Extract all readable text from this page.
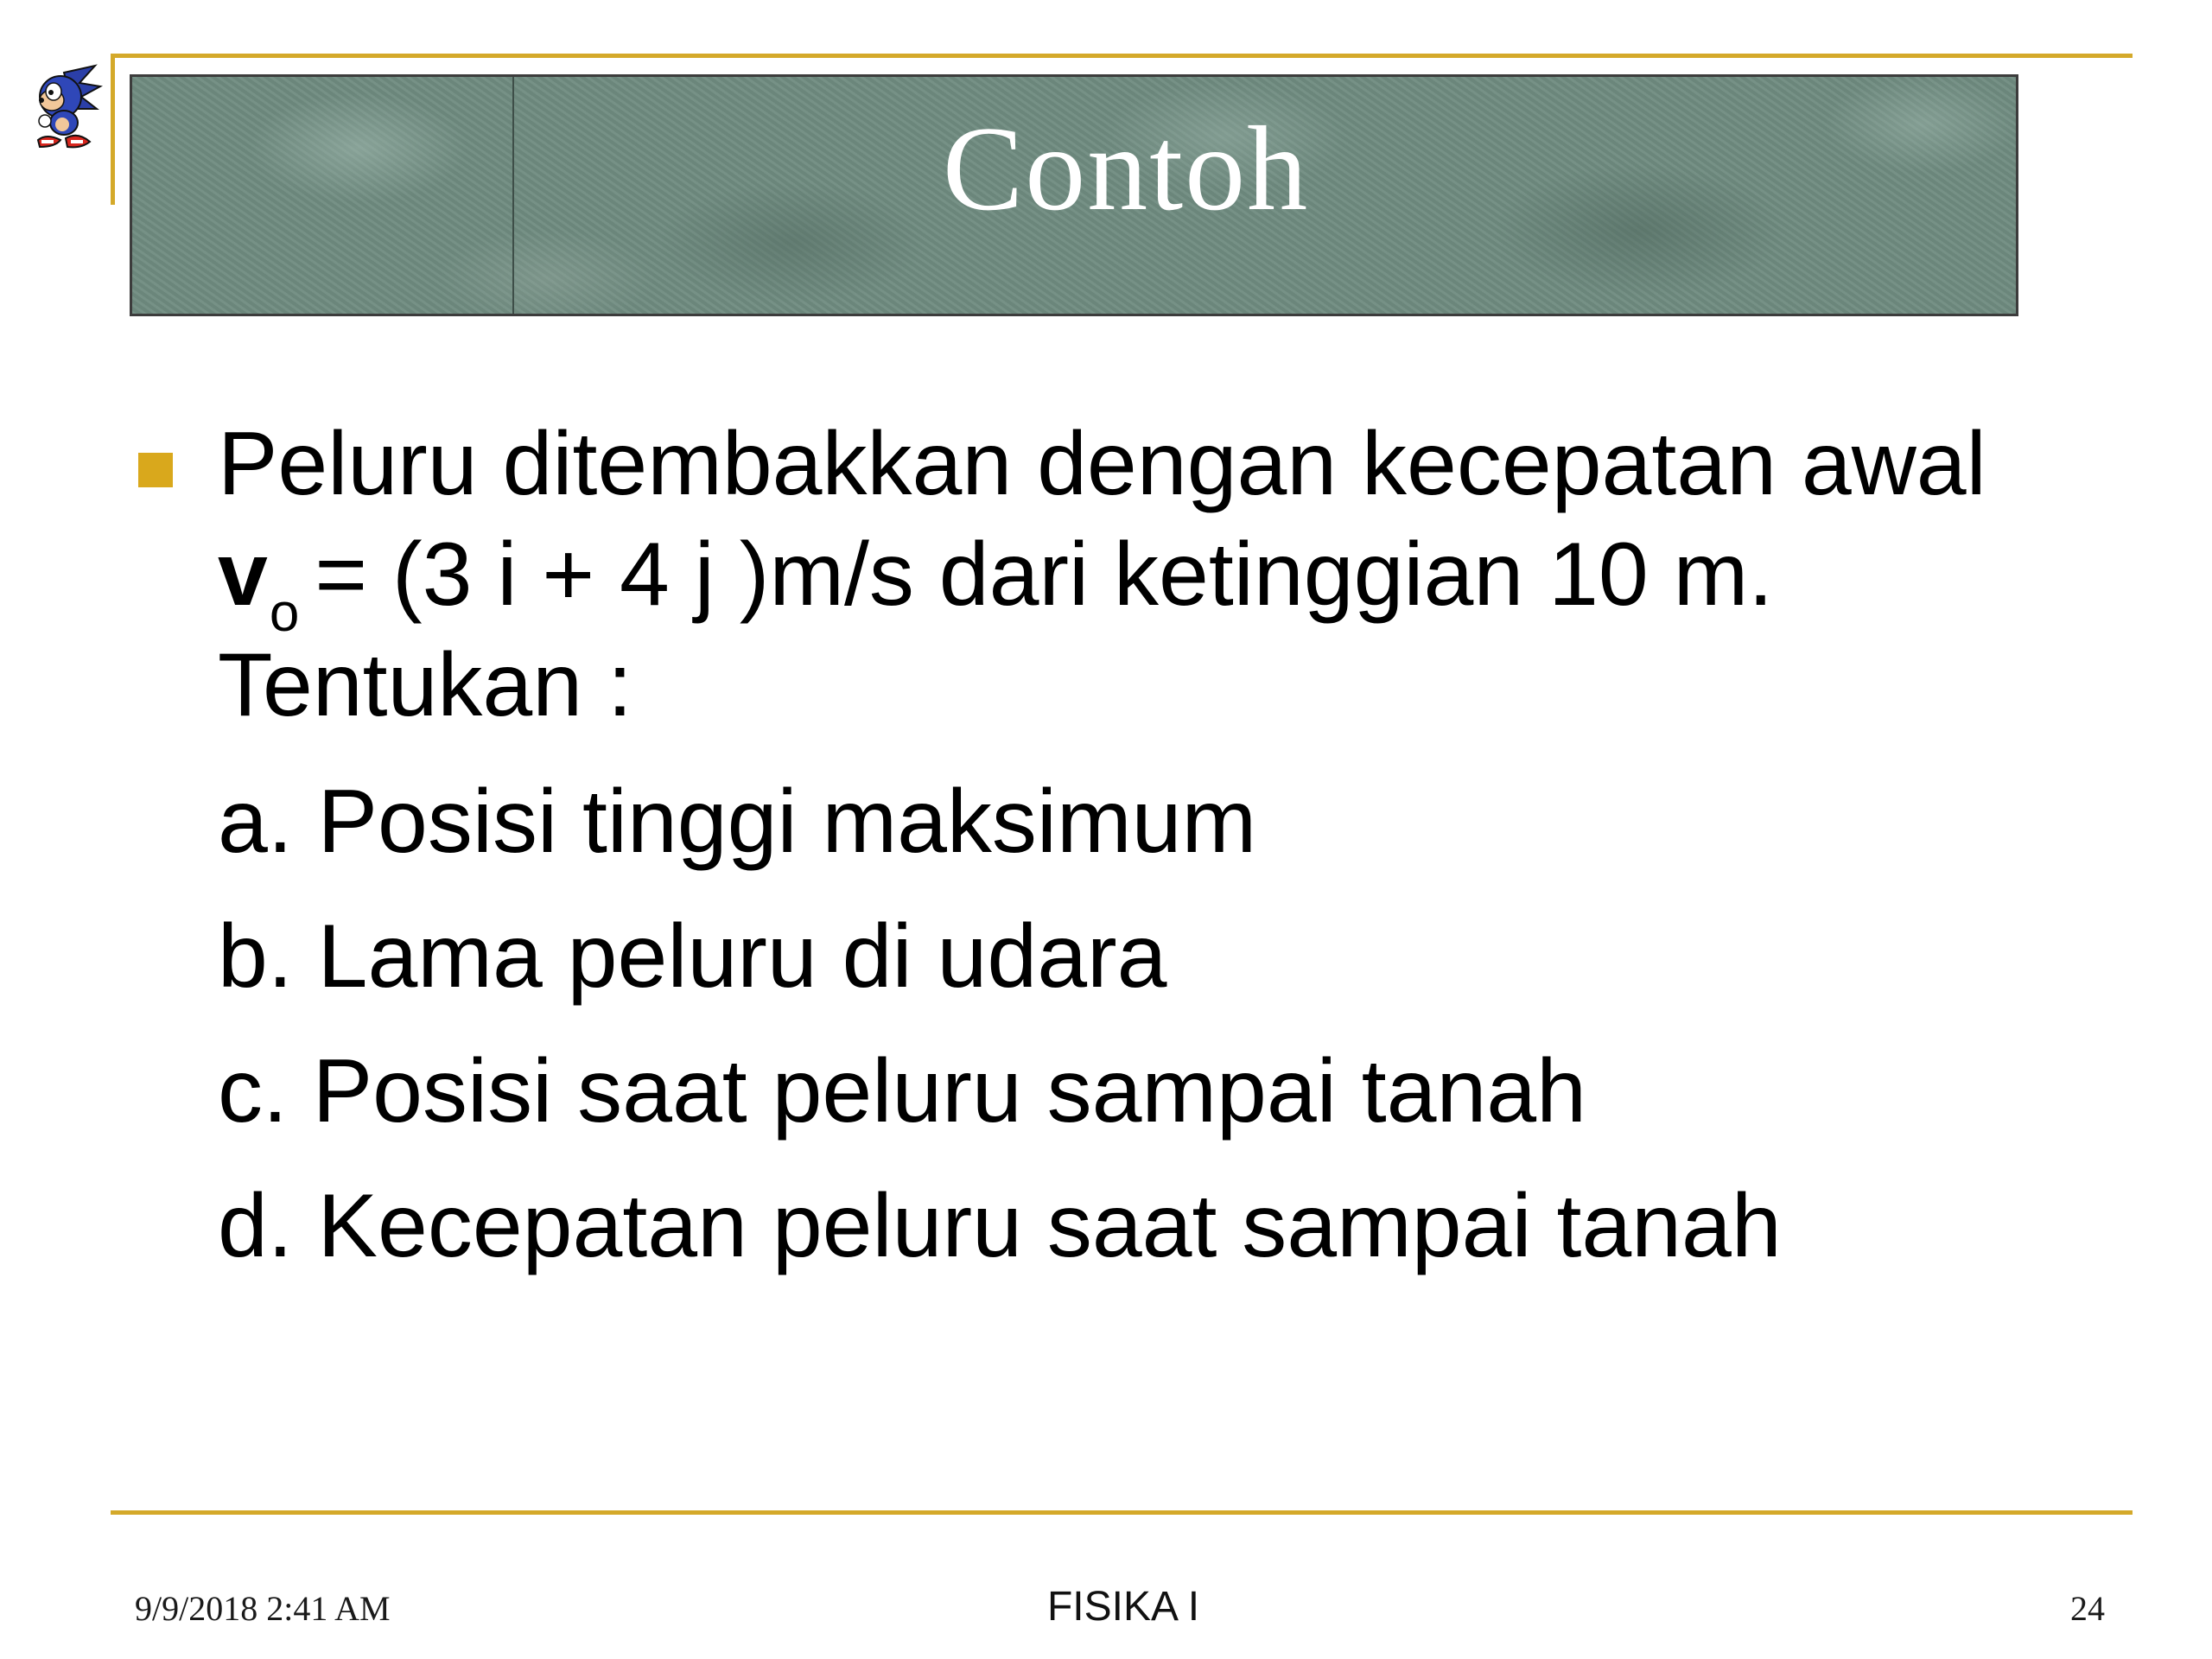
Contoh
Peluru ditembakkan dengan kecepatan awal
$v_o = (3$ i + 4 j )m/s dari ketinggian 10 m.
Tentukan :
a. Posisi tinggi maksimum
b. Lama peluru di udara
c. Posisi saat peluru sampai tanah
d. Kecepatan peluru saat sampai tanah
9/9/2018 2:41 AM	FISIKA I	24
